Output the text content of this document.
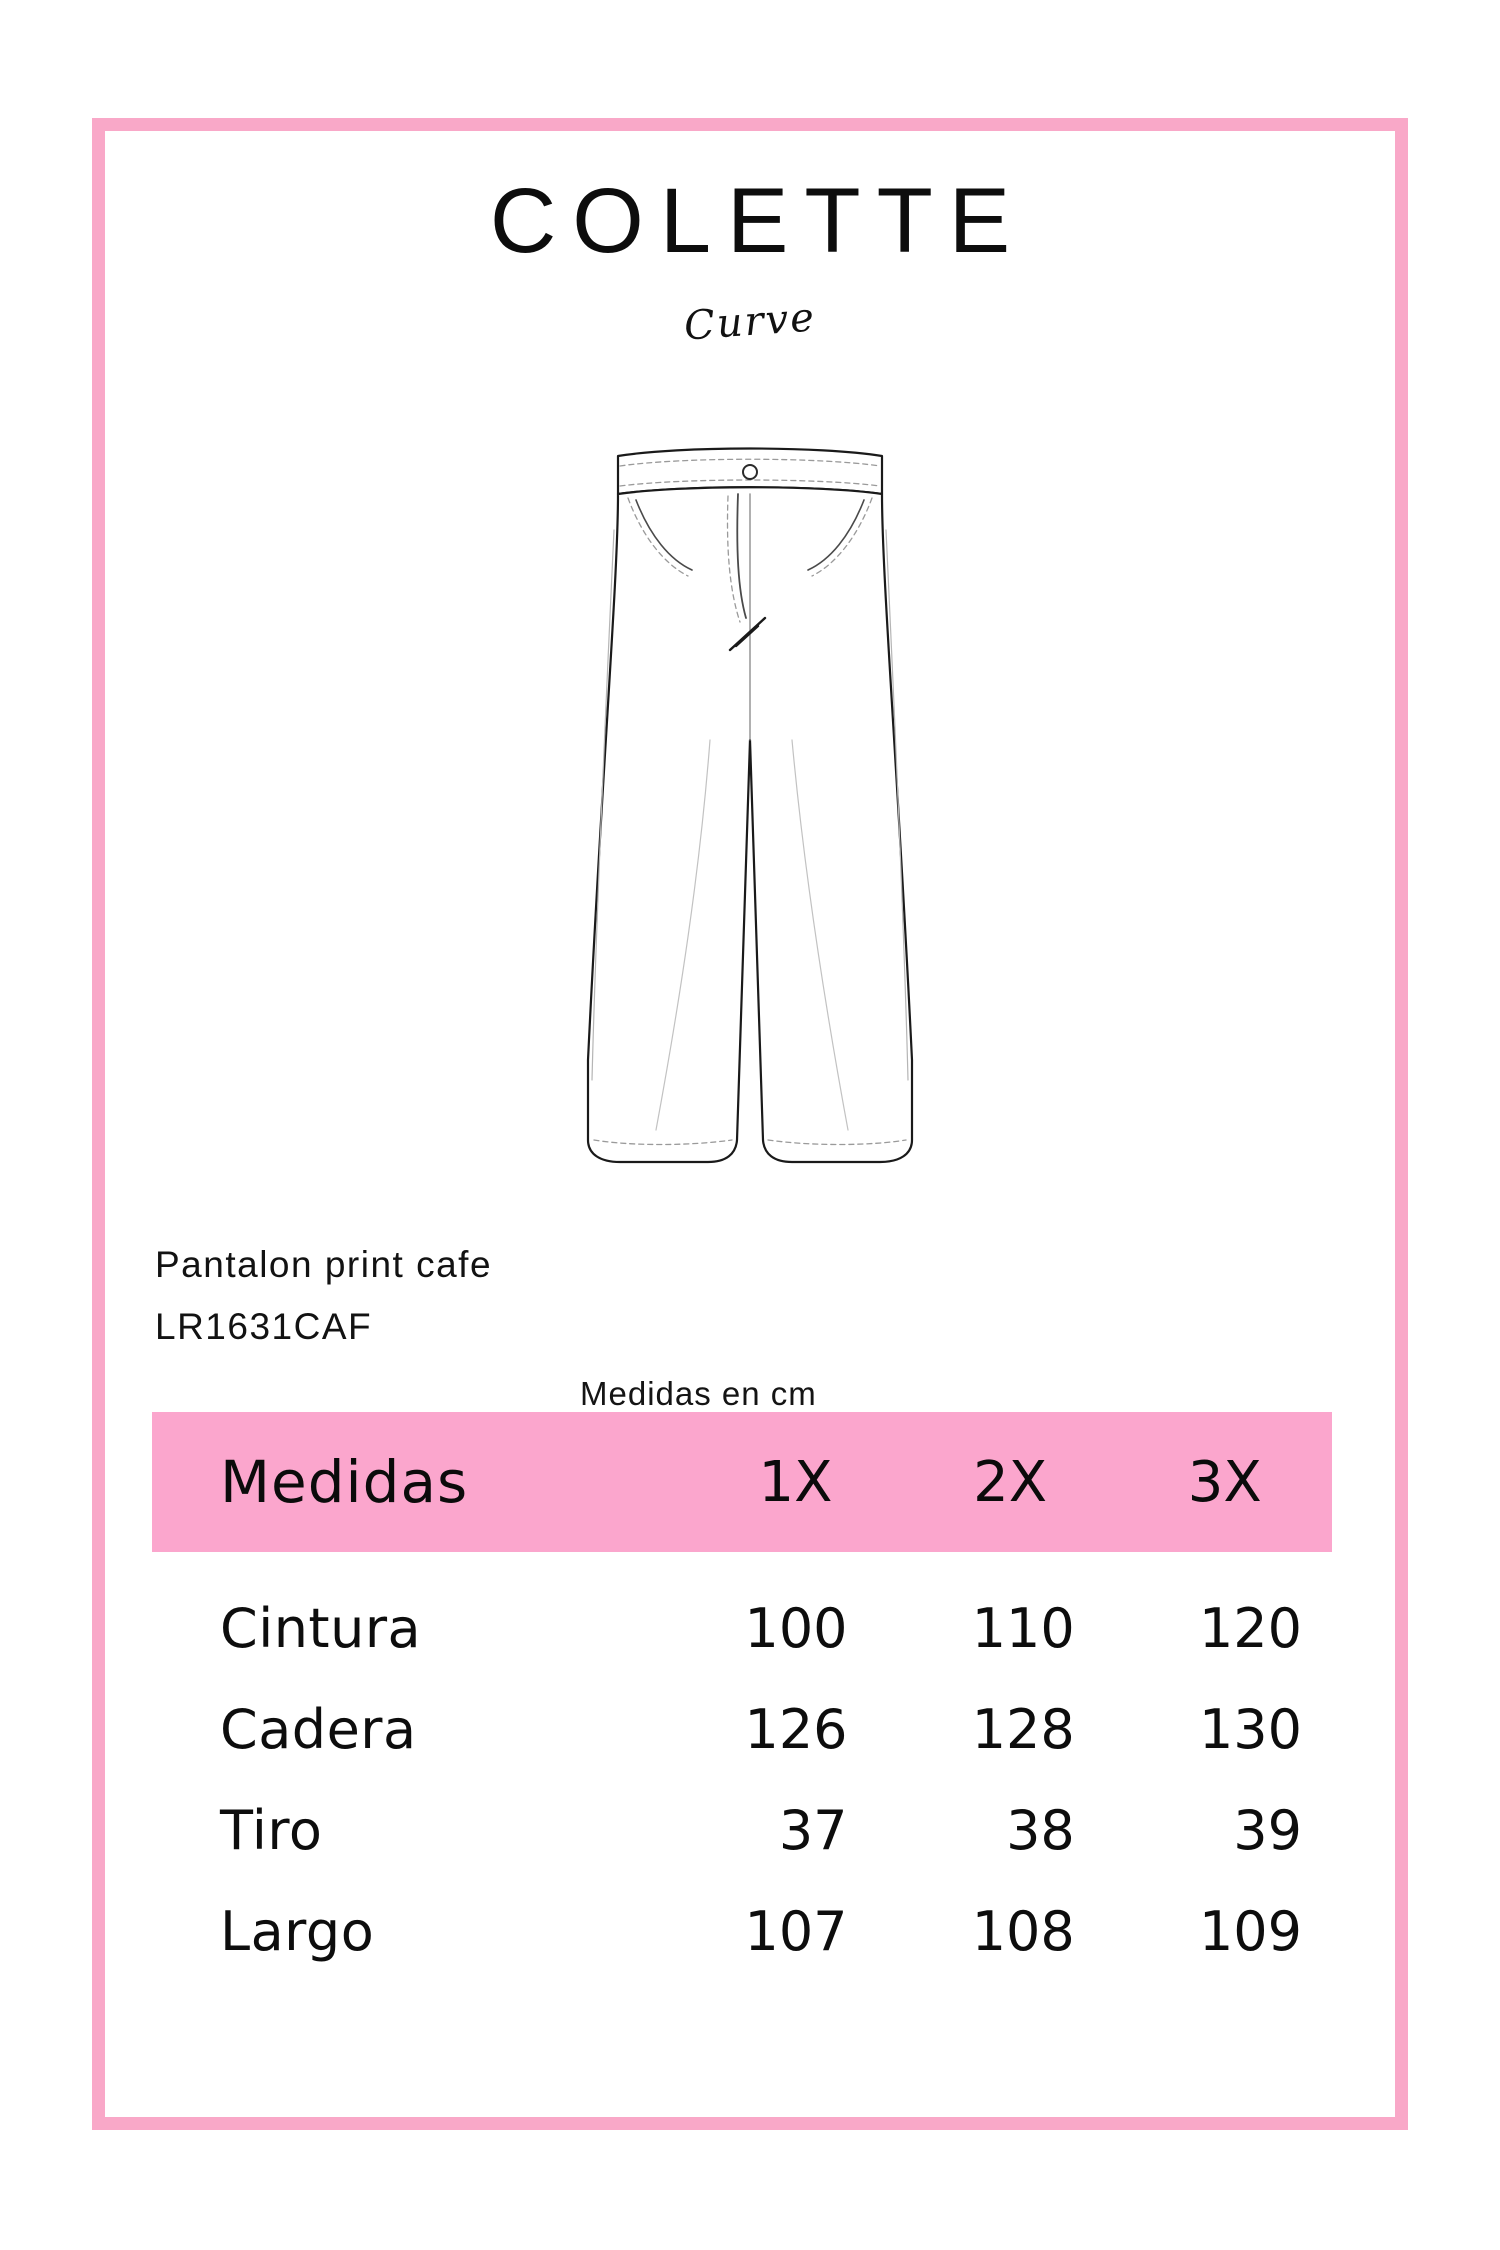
COLETTE
Curve
Pantalon print cafe
LR1631CAF
Medidas en cm
Medidas	1X	2X	3X
Cintura	100	110	120
Cadera	126	128	130
Tiro	37	38	39
Largo	107	108	109
